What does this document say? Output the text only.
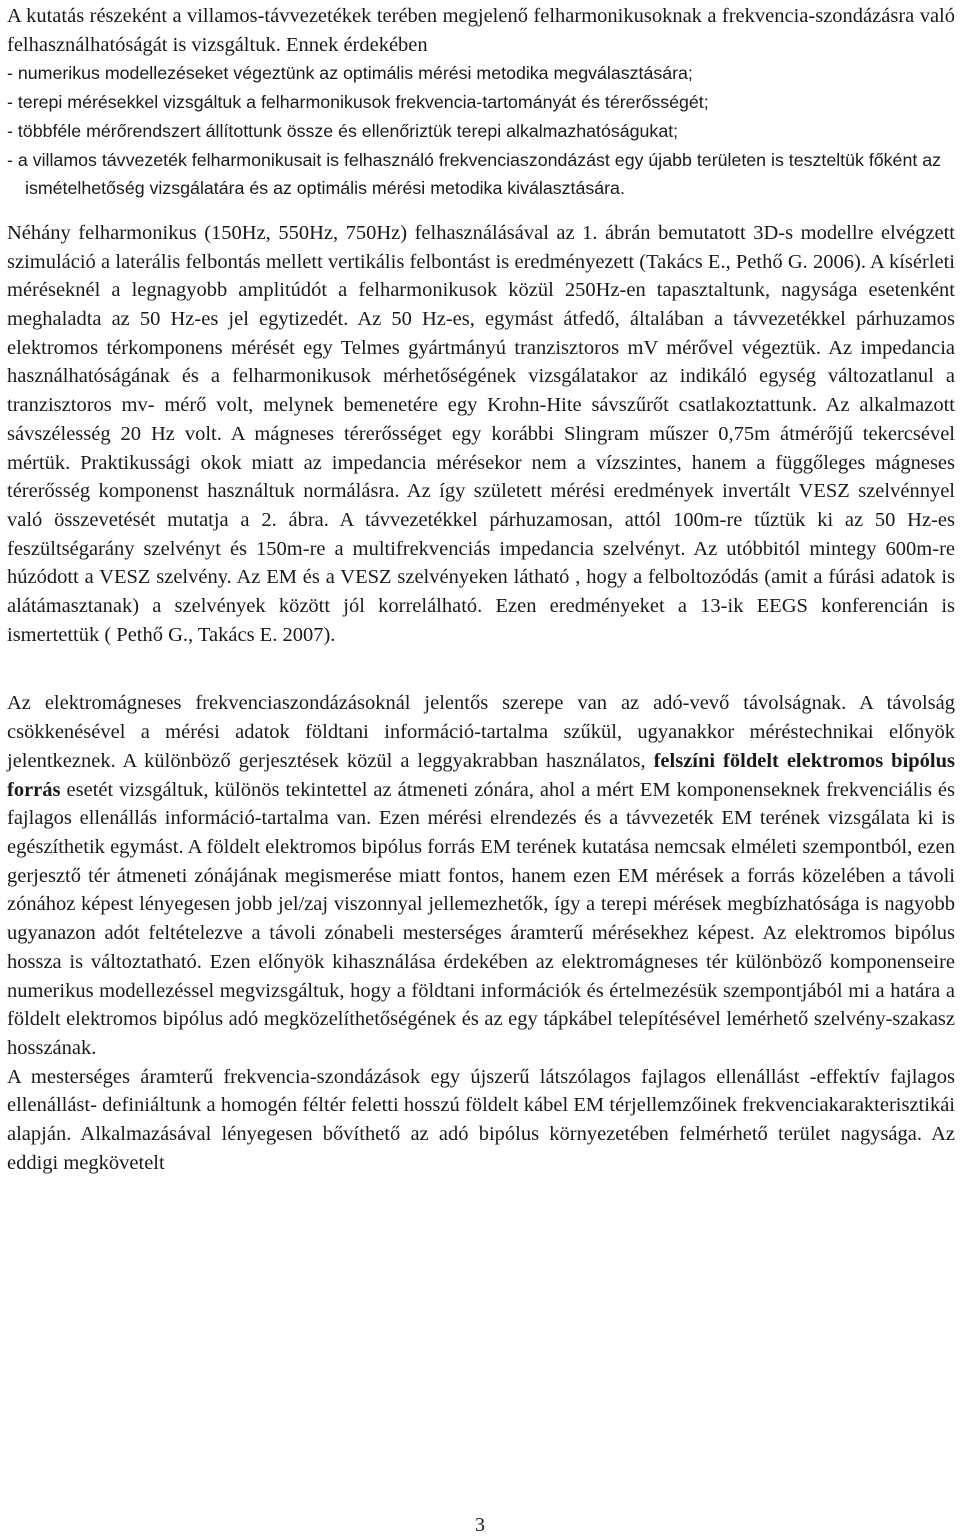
A kutatás részeként a villamos-távvezetékek terében megjelenő felharmonikusoknak a frekvencia-szondázásra való felhasználhatóságát is vizsgáltuk. Ennek érdekében

- numerikus modellezéseket végeztünk az optimális mérési metodika megválasztására;

- terepi mérésekkel vizsgáltuk a felharmonikusok frekvencia-tartományát és térerősségét;

- többféle mérőrendszert állítottunk össze és ellenőriztük terepi alkalmazhatóságukat;

- a villamos távvezeték felharmonikusait is felhasználó frekvenciaszondázást egy újabb területen is teszteltük főként az ismételhetőség vizsgálatára és az optimális mérési metodika kiválasztására.

Néhány felharmonikus (150Hz, 550Hz, 750Hz) felhasználásával az 1. ábrán bemutatott 3D-s modellre elvégzett szimuláció a laterális felbontás mellett vertikális felbontást is eredményezett (Takács E., Pethő G. 2006). A kísérleti méréseknél a legnagyobb amplitúdót a felharmonikusok közül 250Hz-en tapasztaltunk, nagysága esetenként meghaladta az 50 Hz-es jel egytizedét. Az 50 Hz-es, egymást átfedő, általában a távvezetékkel párhuzamos elektromos térkomponens mérését egy Telmes gyártmányú tranzisztoros mV mérővel végeztük. Az impedancia használhatóságának és a felharmonikusok mérhetőségének vizsgálatakor az indikáló egység változatlanul a tranzisztoros mv- mérő volt, melynek bemenetére egy Krohn-Hite sávszűrőt csatlakoztattunk. Az alkalmazott sávszélesség 20 Hz volt. A mágneses térerősséget egy korábbi Slingram műszer 0,75m átmérőjű tekercsével mértük. Praktikussági okok miatt az impedancia mérésekor nem a vízszintes, hanem a függőleges mágneses térerősség komponenst használtuk normálásra. Az így született mérési eredmények invertált VESZ szelvénnyel való összevetését mutatja a 2. ábra. A távvezetékkel párhuzamosan, attól 100m-re tűztük ki az 50 Hz-es feszültségarány szelvényt és 150m-re a multifrekvenciás impedancia szelvényt. Az utóbbitól mintegy 600m-re húzódott a VESZ szelvény. Az EM és a VESZ szelvényeken látható , hogy a felboltozódás (amit a fúrási adatok is alátámasztanak) a szelvények között jól korrelálható. Ezen eredményeket a 13-ik EEGS konferencián is ismertettük ( Pethő G., Takács E. 2007).

Az elektromágneses frekvenciaszondázásoknál jelentős szerepe van az adó-vevő távolságnak. A távolság csökkenésével a mérési adatok földtani információ-tartalma szűkül, ugyanakkor méréstechnikai előnyök jelentkeznek. A különböző gerjesztések közül a leggyakrabban használatos, felszíni földelt elektromos bipólus forrás esetét vizsgáltuk, különös tekintettel az átmeneti zónára, ahol a mért EM komponenseknek frekvenciális és fajlagos ellenállás információ-tartalma van. Ezen mérési elrendezés és a távvezeték EM terének vizsgálata ki is egészíthetik egymást. A földelt elektromos bipólus forrás EM terének kutatása nemcsak elméleti szempontból, ezen gerjesztő tér átmeneti zónájának megismerése miatt fontos, hanem ezen EM mérések a forrás közelében a távoli zónához képest lényegesen jobb jel/zaj viszonnyal jellemezhetők, így a terepi mérések megbízhatósága is nagyobb ugyanazon adót feltételezve a távoli zónabeli mesterséges áramterű mérésekhez képest. Az elektromos bipólus hossza is változtatható. Ezen előnyök kihasználása érdekében az elektromágneses tér különböző komponenseire numerikus modellezéssel megvizsgáltuk, hogy a földtani információk és értelmezésük szempontjából mi a határa a földelt elektromos bipólus adó megközelíthetőségének és az egy tápkábel telepítésével lemérhető szelvény-szakasz hosszának.

A mesterséges áramterű frekvencia-szondázások egy újszerű látszólagos fajlagos ellenállást -effektív fajlagos ellenállást- definiáltunk a homogén féltér feletti hosszú földelt kábel EM térjellemzőinek frekvenciakarakterisztikái alapján. Alkalmazásával lényegesen bővíthető az adó bipólus környezetében felmérhető terület nagysága. Az eddigi megkövetelt

3
